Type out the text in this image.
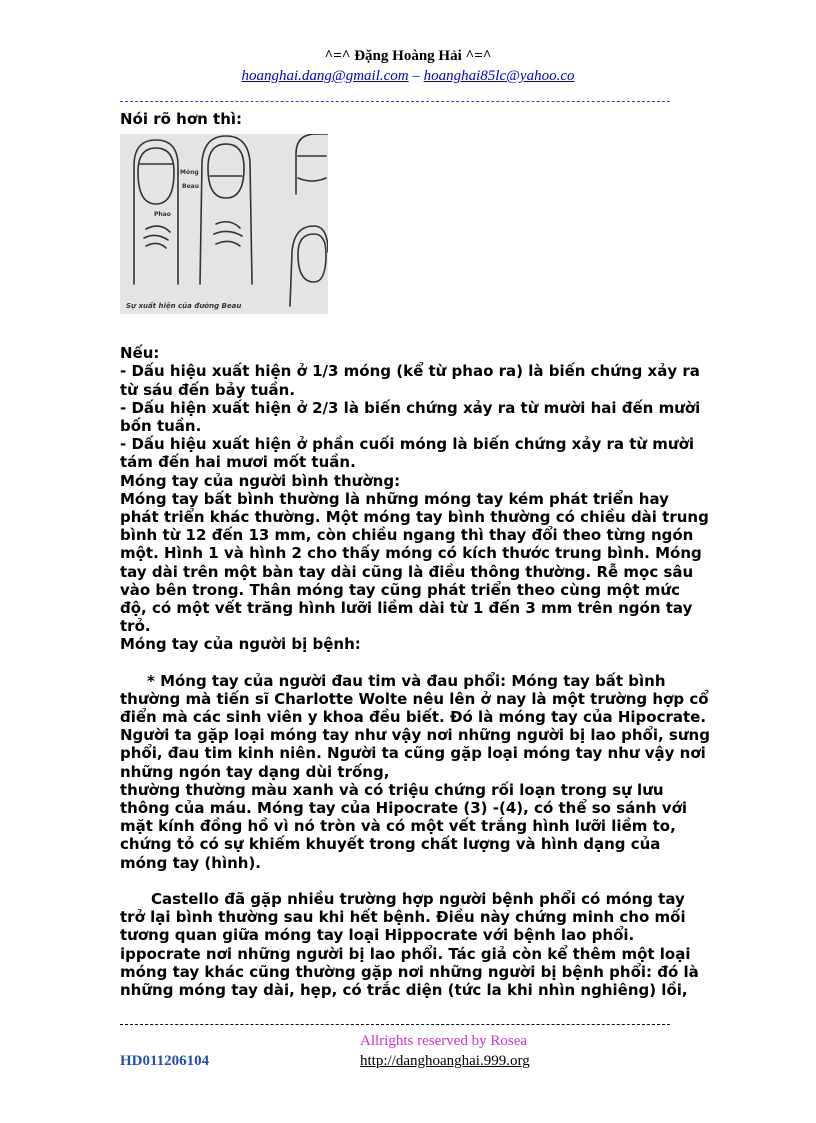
^=^ Đặng Hoàng Hải ^=^
hoanghai.dang@gmail.com – hoanghai85lc@yahoo.co

Nói rõ hơn thì:

Móng
Phao
Beau
Sự xuất hiện của đường Beau

Nếu:

- Dấu hiệu xuất hiện ở 1/3 móng (kể từ phao ra) là biến chứng xảy ra từ sáu đến bảy tuần.

- Dấu hiện xuất hiện ở 2/3 là biến chứng xảy ra từ mười hai đến mười bốn tuần.

- Dấu hiệu xuất hiện ở phần cuối móng là biến chứng xảy ra từ mười tám đến hai mươi mốt tuần.

Móng tay của người bình thường:

Móng tay bất bình thường là những móng tay kém phát triển hay phát triển khác thường. Một móng tay bình thường có chiều dài trung bình từ 12 đến 13 mm, còn chiều ngang thì thay đổi theo từng ngón một. Hình 1 và hình 2 cho thấy móng có kích thước trung bình. Móng tay dài trên một bàn tay dài cũng là điều thông thường. Rễ mọc sâu vào bên trong. Thân móng tay cũng phát triển theo cùng một mức độ, có một vết trăng hình lưỡi liềm dài từ 1 đến 3 mm trên ngón tay trỏ.

Móng tay của người bị bệnh:

* Móng tay của người đau tim và đau phổi: Móng tay bất bình thường mà tiến sĩ Charlotte Wolte nêu lên ở nay là một trường hợp cổ điển mà các sinh viên y khoa đều biết. Đó là móng tay của Hipocrate. Người ta gặp loại móng tay như vậy nơi những người bị lao phổi, sưng phổi, đau tim kinh niên. Người ta cũng gặp loại móng tay như vậy nơi những ngón tay dạng dùi trống,

thường thường màu xanh và có triệu chứng rối loạn trong sự lưu thông của máu. Móng tay của Hipocrate (3) -(4), có thể so sánh với mặt kính đồng hồ vì nó tròn và có một vết trắng hình lưỡi liềm to, chứng tỏ có sự khiếm khuyết trong chất lượng và hình dạng của móng tay (hình).

Castello đã gặp nhiều trường hợp người bệnh phổi có móng tay trở lại bình thường sau khi hết bệnh. Điều này chứng minh cho mối tương quan giữa móng tay loại Hippocrate với bệnh lao phổi. ippocrate nơi những người bị lao phổi. Tác giả còn kể thêm một loại móng tay khác cũng thường gặp nơi những người bị bệnh phổi: đó là những móng tay dài, hẹp, có trắc diện (tức la khi nhìn nghiêng) lồi,

Allrights reserved by Rosea
HD011206104	http://danghoanghai.999.org
